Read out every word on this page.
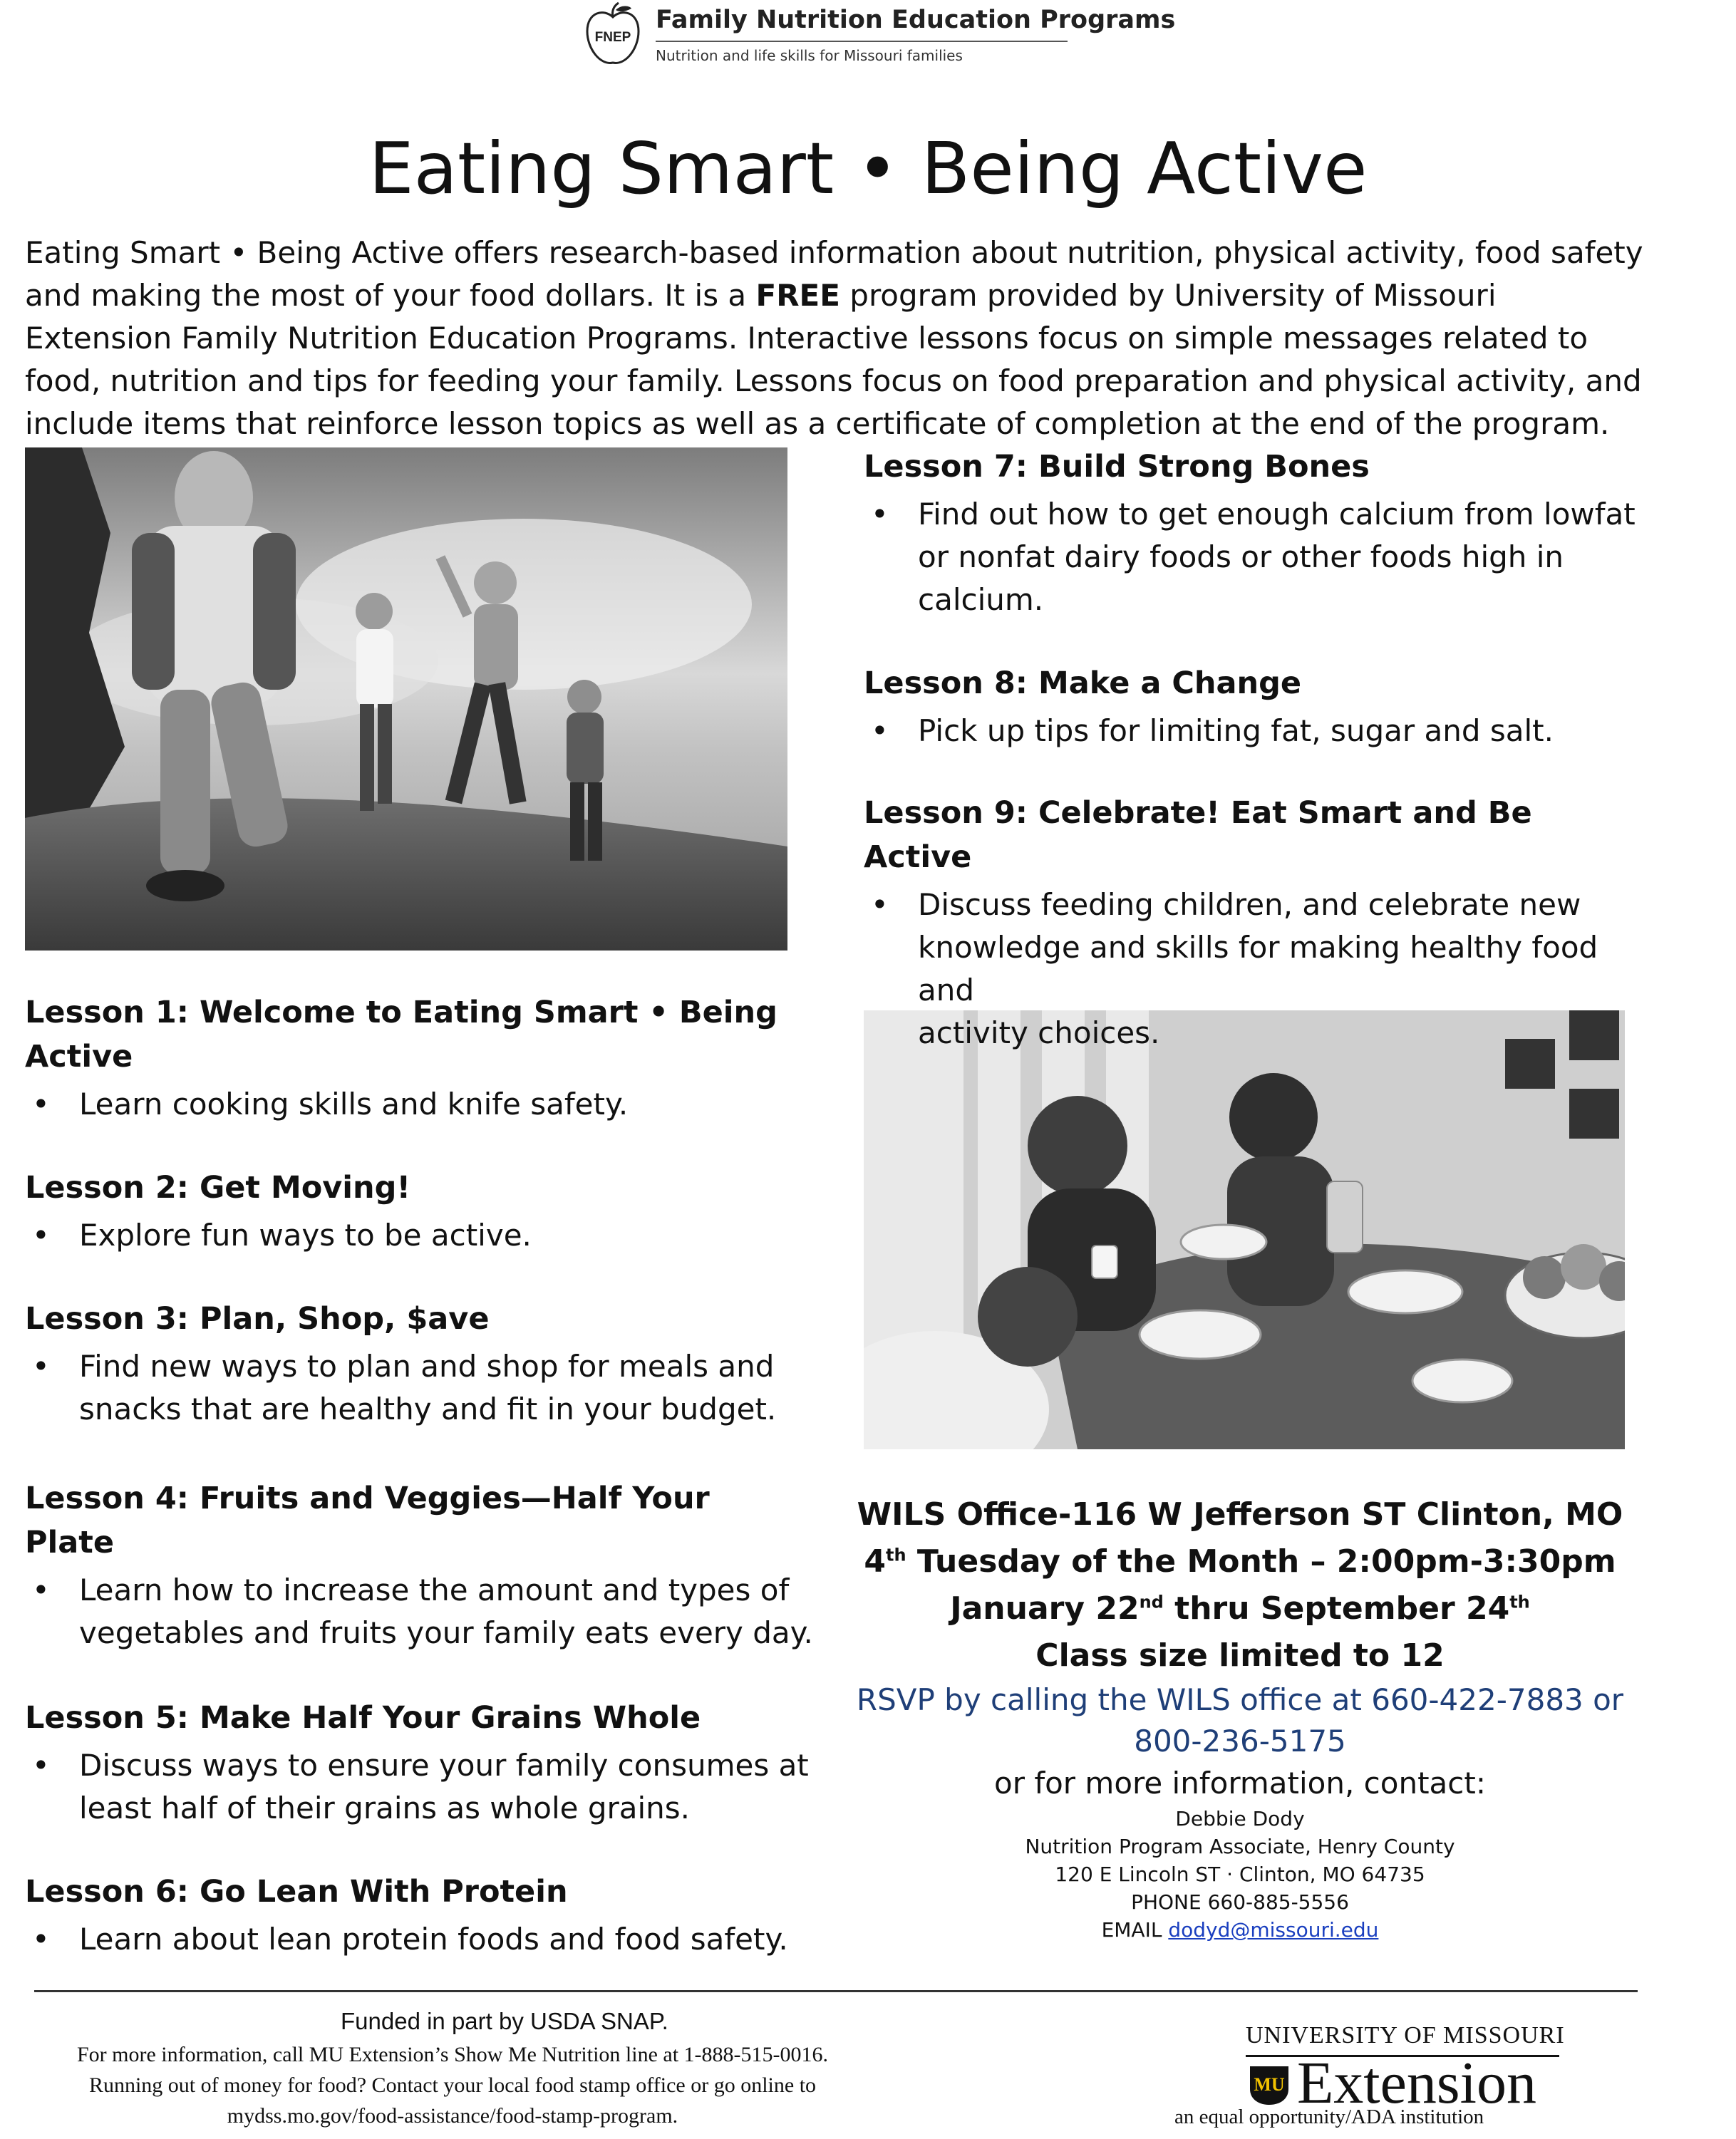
FNEP
Family Nutrition Education Programs
Nutrition and life skills for Missouri families
Eating Smart • Being Active

Eating Smart • Being Active offers research-based information about nutrition, physical activity, food safety

and making the most of your food dollars. It is a FREE program provided by University of Missouri

Extension Family Nutrition Education Programs. Interactive lessons focus on simple messages related to

food, nutrition and tips for feeding your family. Lessons focus on food preparation and physical activity, and

include items that reinforce lesson topics as well as a certificate of completion at the end of the program.

Lesson 1: Welcome to Eating Smart • Being
Active
• Learn cooking skills and knife safety.
Lesson 2: Get Moving!
• Explore fun ways to be active.
Lesson 3: Plan, Shop, $ave
• Find new ways to plan and shop for meals and
snacks that are healthy and fit in your budget.
Lesson 4: Fruits and Veggies—Half Your
Plate
• Learn how to increase the amount and types of
vegetables and fruits your family eats every day.
Lesson 5: Make Half Your Grains Whole
• Discuss ways to ensure your family consumes at
least half of their grains as whole grains.
Lesson 6: Go Lean With Protein
• Learn about lean protein foods and food safety.
Lesson 7: Build Strong Bones
• Find out how to get enough calcium from lowfat
or nonfat dairy foods or other foods high in
calcium.
Lesson 8: Make a Change
• Pick up tips for limiting fat, sugar and salt.
Lesson 9: Celebrate! Eat Smart and Be
Active
• Discuss feeding children, and celebrate new
knowledge and skills for making healthy food and
activity choices.
WILS Office-116 W Jefferson ST Clinton, MO
4th Tuesday of the Month – 2:00pm-3:30pm
January 22nd thru September 24th
Class size limited to 12
RSVP by calling the WILS office at 660-422-7883 or
800-236-5175
or for more information, contact:
Debbie Dody
Nutrition Program Associate, Henry County
120 E Lincoln ST · Clinton, MO 64735
PHONE 660-885-5556
EMAIL dodyd@missouri.edu
Funded in part by USDA SNAP.
For more information, call MU Extension’s Show Me Nutrition line at 1-888-515-0016.
Running out of money for food? Contact your local food stamp office or go online to
mydss.mo.gov/food-assistance/food-stamp-program.
UNIVERSITY OF MISSOURI
MU Extension
an equal opportunity/ADA institution
